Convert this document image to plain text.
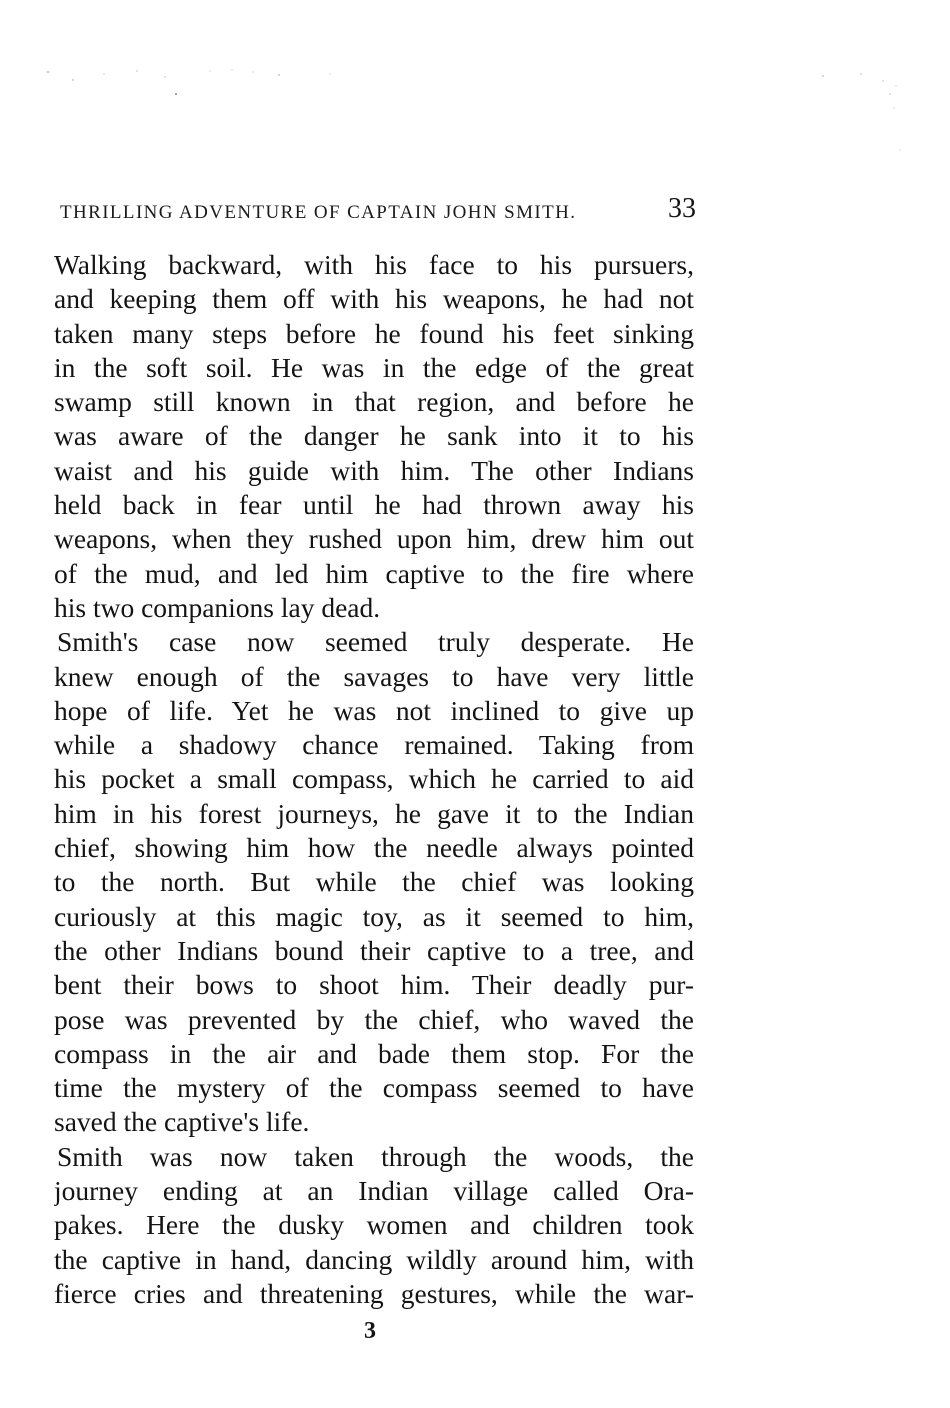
THRILLING ADVENTURE OF CAPTAIN JOHN SMITH.	33
Walking backward, with his face to his pursuers,
and keeping them off with his weapons, he had not
taken many steps before he found his feet sinking
in the soft soil. He was in the edge of the great
swamp still known in that region, and before he
was aware of the danger he sank into it to his
waist and his guide with him. The other Indians
held back in fear until he had thrown away his
weapons, when they rushed upon him, drew him out
of the mud, and led him captive to the fire where
his two companions lay dead.
Smith's case now seemed truly desperate. He
knew enough of the savages to have very little
hope of life. Yet he was not inclined to give up
while a shadowy chance remained. Taking from
his pocket a small compass, which he carried to aid
him in his forest journeys, he gave it to the Indian
chief, showing him how the needle always pointed
to the north. But while the chief was looking
curiously at this magic toy, as it seemed to him,
the other Indians bound their captive to a tree, and
bent their bows to shoot him. Their deadly pur-
pose was prevented by the chief, who waved the
compass in the air and bade them stop. For the
time the mystery of the compass seemed to have
saved the captive's life.
Smith was now taken through the woods, the
journey ending at an Indian village called Ora-
pakes. Here the dusky women and children took
the captive in hand, dancing wildly around him, with
fierce cries and threatening gestures, while the war-
3
